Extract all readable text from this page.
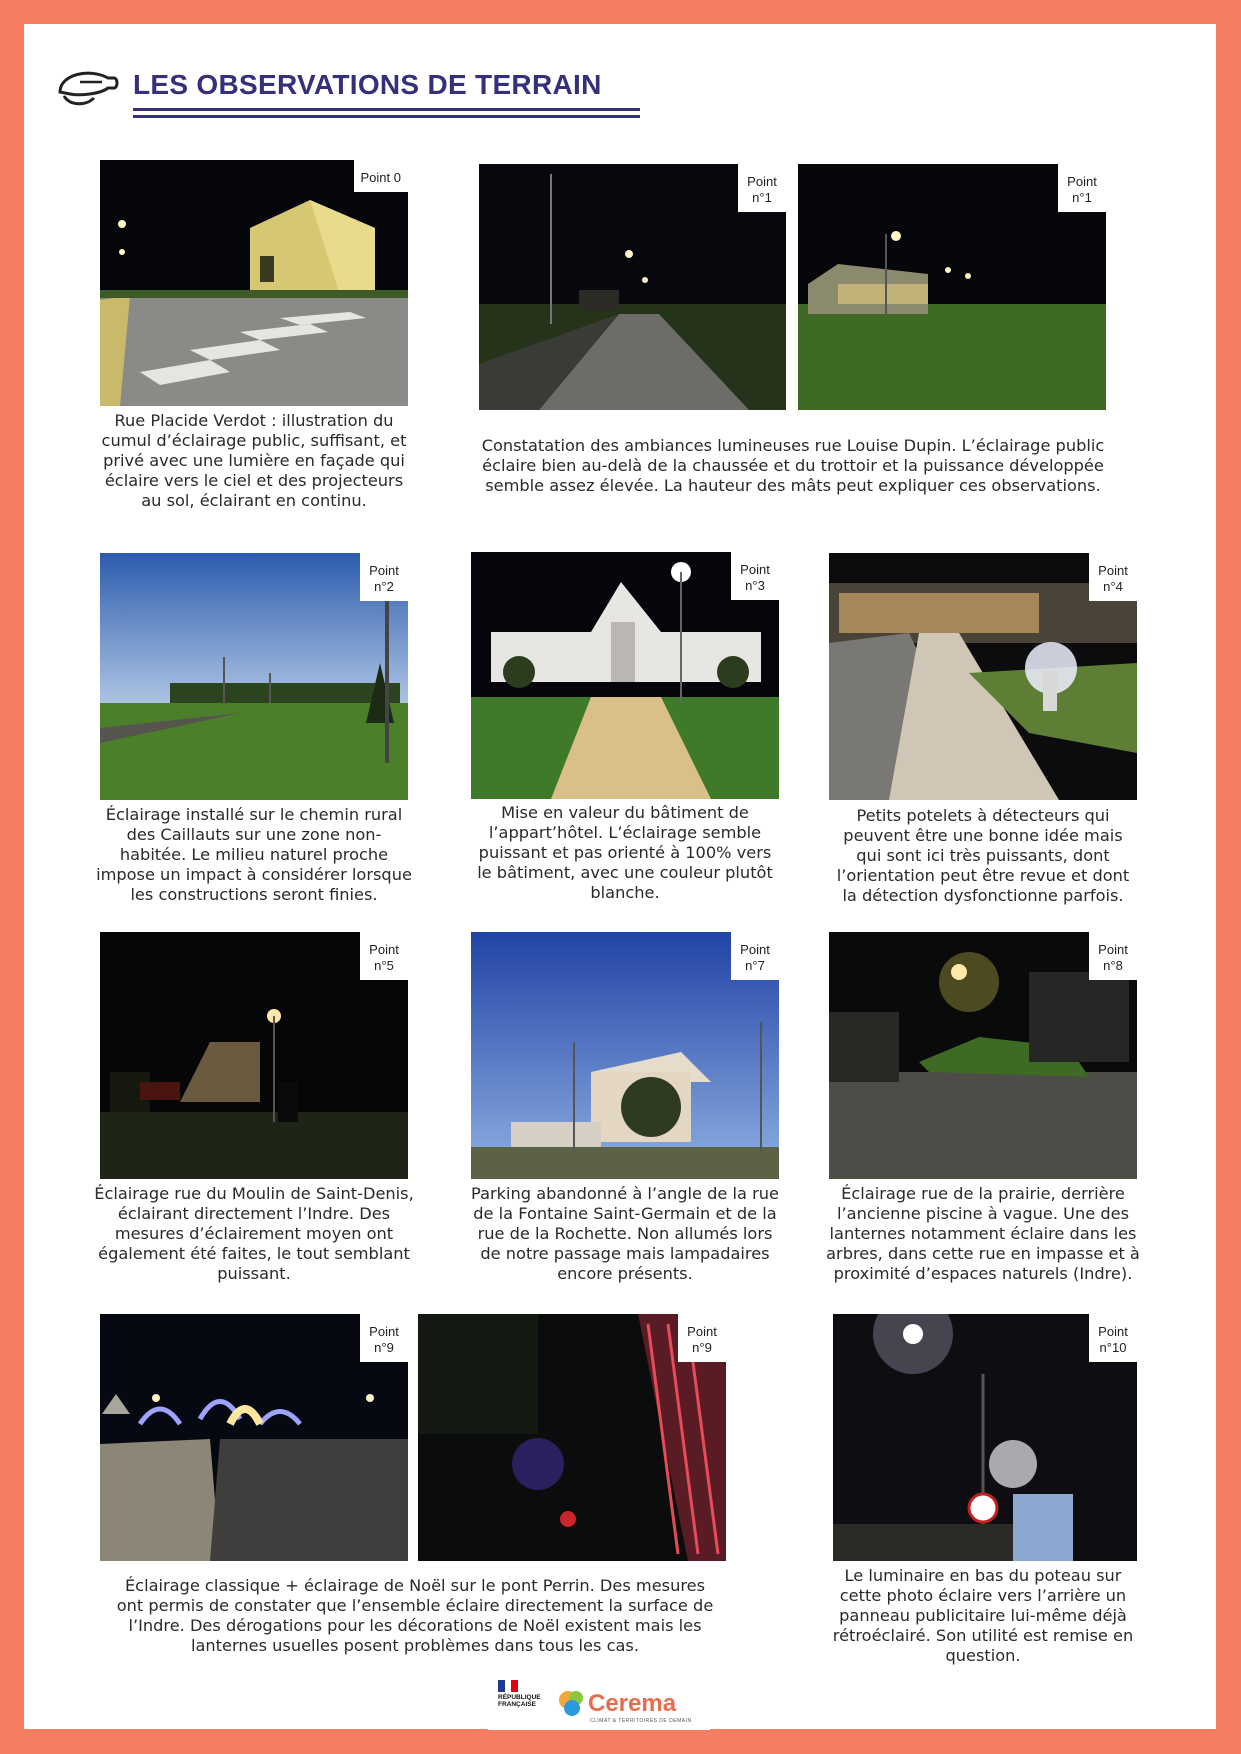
LES OBSERVATIONS DE TERRAIN
Point 0	Point
n°1
Point
n°1
Rue Placide Verdot : illustration du cumul d’éclairage public, suffisant, et privé avec une lumière en façade qui éclaire vers le ciel et des projecteurs au sol, éclairant en continu.
Constatation des ambiances lumineuses rue Louise Dupin. L’éclairage public éclaire bien au-delà de la chaussée et du trottoir et la puissance développée semble assez élevée. La hauteur des mâts peut expliquer ces observations.
Point
n°2
Point
n°3
Point
n°4
Éclairage installé sur le chemin rural des Caillauts sur une zone non-habitée. Le milieu naturel proche impose un impact à considérer lorsque les constructions seront finies.
Mise en valeur du bâtiment de l’appart’hôtel. L’éclairage semble puissant et pas orienté à 100% vers le bâtiment, avec une couleur plutôt blanche.
Petits potelets à détecteurs qui peuvent être une bonne idée mais qui sont ici très puissants, dont l’orientation peut être revue et dont la détection dysfonctionne parfois.
Point
n°5
Point
n°7
Point
n°8
Éclairage rue du Moulin de Saint-Denis, éclairant directement l’Indre. Des mesures d’éclairement moyen ont également été faites, le tout semblant puissant.
Parking abandonné à l’angle de la rue de la Fontaine Saint-Germain et de la rue de la Rochette. Non allumés lors de notre passage mais lampadaires encore présents.
Éclairage rue de la prairie, derrière l’ancienne piscine à vague. Une des lanternes notamment éclaire dans les arbres, dans cette rue en impasse et à proximité d’espaces naturels (Indre).
Point
n°9
Point
n°9
Point
n°10
Éclairage classique + éclairage de Noël sur le pont Perrin. Des mesures ont permis de constater que l’ensemble éclaire directement la surface de l’Indre. Des dérogations pour les décorations de Noël existent mais les lanternes usuelles posent problèmes dans tous les cas.
Le luminaire en bas du poteau sur cette photo éclaire vers l’arrière un panneau publicitaire lui-même déjà rétroéclairé. Son utilité est remise en question.
RÉPUBLIQUE
FRANÇAISE Cerema
CLIMAT & TERRITOIRES DE DEMAIN
